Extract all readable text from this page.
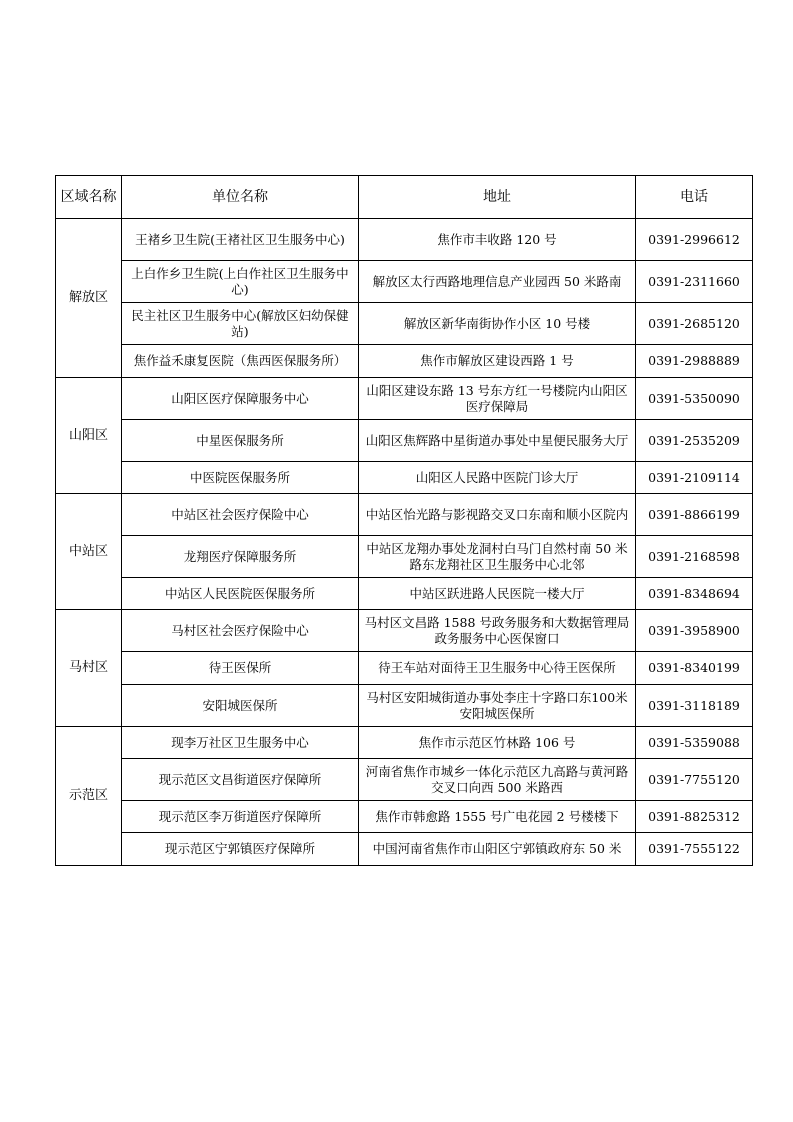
区域名称	单位名称	地址	电话
解放区	王褚乡卫生院(王褚社区卫生服务中心)	焦作市丰收路 120 号	0391-2996612
	上白作乡卫生院(上白作社区卫生服务中心)	解放区太行西路地理信息产业园西 50 米路南	0391-2311660
	民主社区卫生服务中心(解放区妇幼保健站)	解放区新华南街协作小区 10 号楼	0391-2685120
	焦作益禾康复医院（焦西医保服务所）	焦作市解放区建设西路 1 号	0391-2988889
山阳区	山阳区医疗保障服务中心	山阳区建设东路 13 号东方红一号楼院内山阳区医疗保障局	0391-5350090
	中星医保服务所	山阳区焦辉路中星街道办事处中星便民服务大厅	0391-2535209
	中医院医保服务所	山阳区人民路中医院门诊大厅	0391-2109114
中站区	中站区社会医疗保险中心	中站区怡光路与影视路交叉口东南和顺小区院内	0391-8866199
	龙翔医疗保障服务所	中站区龙翔办事处龙洞村白马门自然村南 50 米路东龙翔社区卫生服务中心北邻	0391-2168598
	中站区人民医院医保服务所	中站区跃进路人民医院一楼大厅	0391-8348694
马村区	马村区社会医疗保险中心	马村区文昌路 1588 号政务服务和大数据管理局政务服务中心医保窗口	0391-3958900
	待王医保所	待王车站对面待王卫生服务中心待王医保所	0391-8340199
	安阳城医保所	马村区安阳城街道办事处李庄十字路口东100米安阳城医保所	0391-3118189
示范区	现李万社区卫生服务中心	焦作市示范区竹林路 106 号	0391-5359088
	现示范区文昌街道医疗保障所	河南省焦作市城乡一体化示范区九高路与黄河路交叉口向西 500 米路西	0391-7755120
	现示范区李万街道医疗保障所	焦作市韩愈路 1555 号广电花园 2 号楼楼下	0391-8825312
	现示范区宁郭镇医疗保障所	中国河南省焦作市山阳区宁郭镇政府东 50 米	0391-7555122
